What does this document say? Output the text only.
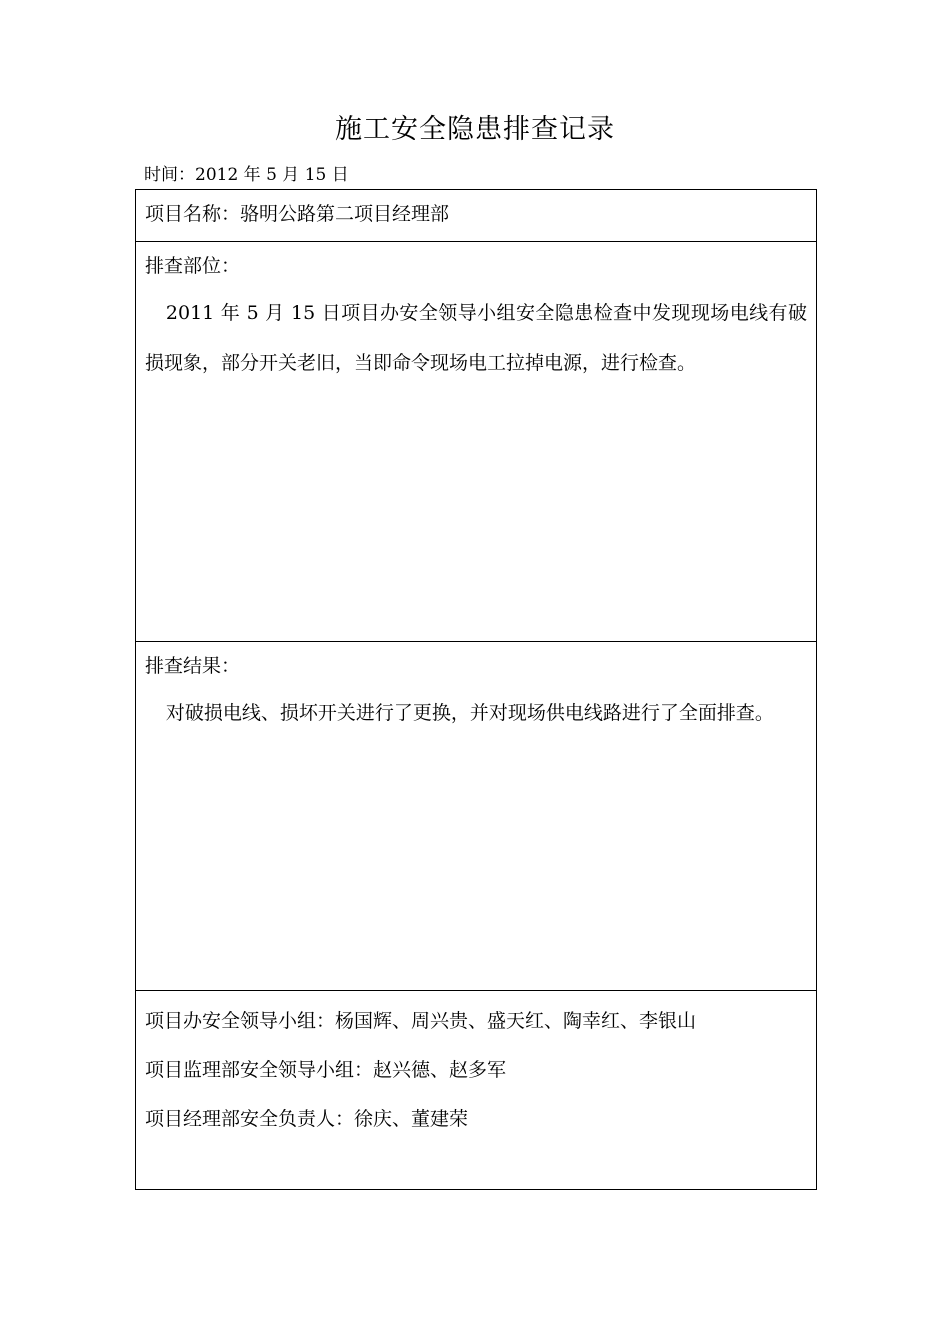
施工安全隐患排查记录
时间：2012 年 5 月 15 日
项目名称：骆明公路第二项目经理部
排查部位：
2011 年 5 月 15 日项目办安全领导小组安全隐患检查中发现现场电线有破损现象，部分开关老旧，当即命令现场电工拉掉电源，进行检查。
排查结果：
对破损电线、损坏开关进行了更换，并对现场供电线路进行了全面排查。
项目办安全领导小组：杨国辉、周兴贵、盛天红、陶幸红、李银山
项目监理部安全领导小组：赵兴德、赵多军
项目经理部安全负责人：徐庆、董建荣
